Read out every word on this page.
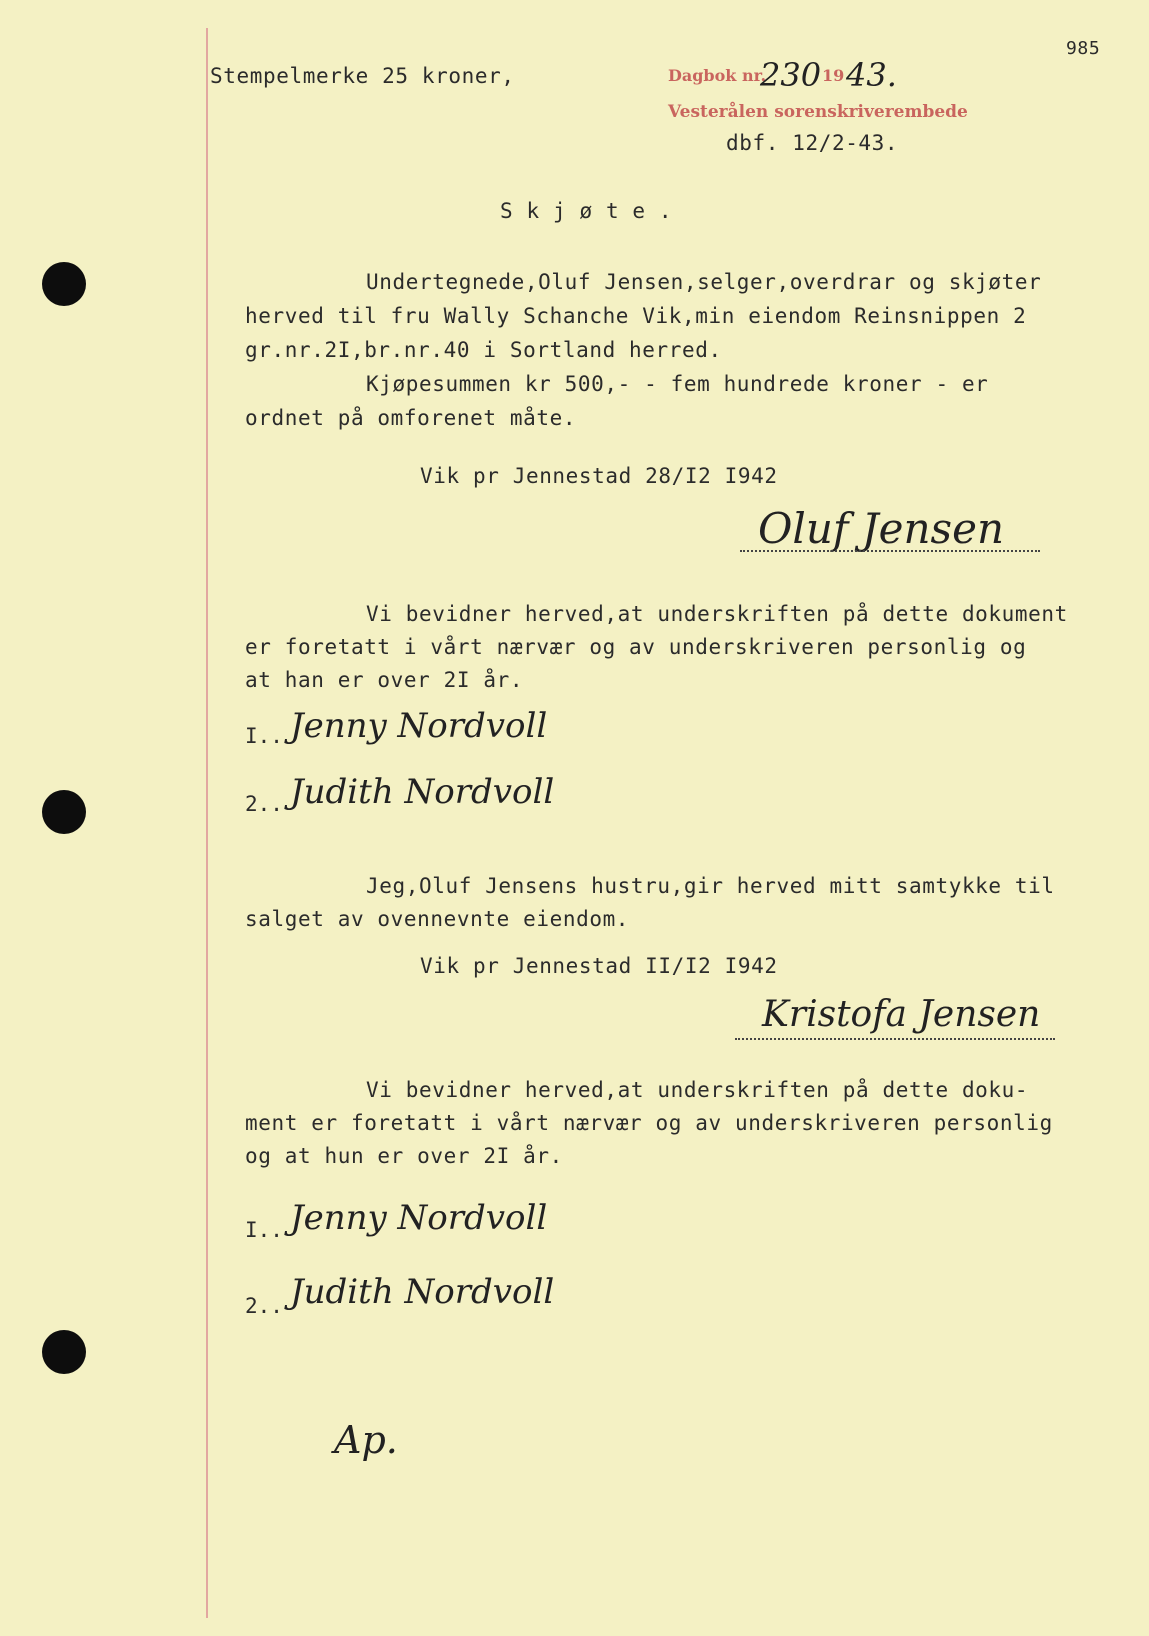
985
Stempelmerke 25 kroner,	Dagbok nr.
230 19 43.
Vesterålen sorenskriverembede
dbf. 12/2-43.
S k j ø t e .
Undertegnede,Oluf Jensen,selger,overdrar og skjøter
herved til fru Wally Schanche Vik,min eiendom Reinsnippen 2
gr.nr.2I,br.nr.40 i Sortland herred.
Kjøpesummen kr 500,- - fem hundrede kroner - er
ordnet på omforenet måte.
Vik pr Jennestad 28/I2 I942
Oluf Jensen
Vi bevidner herved,at underskriften på dette dokument
er foretatt i vårt nærvær og av underskriveren personlig og
at han er over 2I år.
I.. Jenny Nordvoll
2.. Judith Nordvoll
Jeg,Oluf Jensens hustru,gir herved mitt samtykke til
salget av ovennevnte eiendom.
Vik pr Jennestad II/I2 I942
Kristofa Jensen
Vi bevidner herved,at underskriften på dette doku-
ment er foretatt i vårt nærvær og av underskriveren personlig
og at hun er over 2I år.
I.. Jenny Nordvoll
2.. Judith Nordvoll
Ap.
